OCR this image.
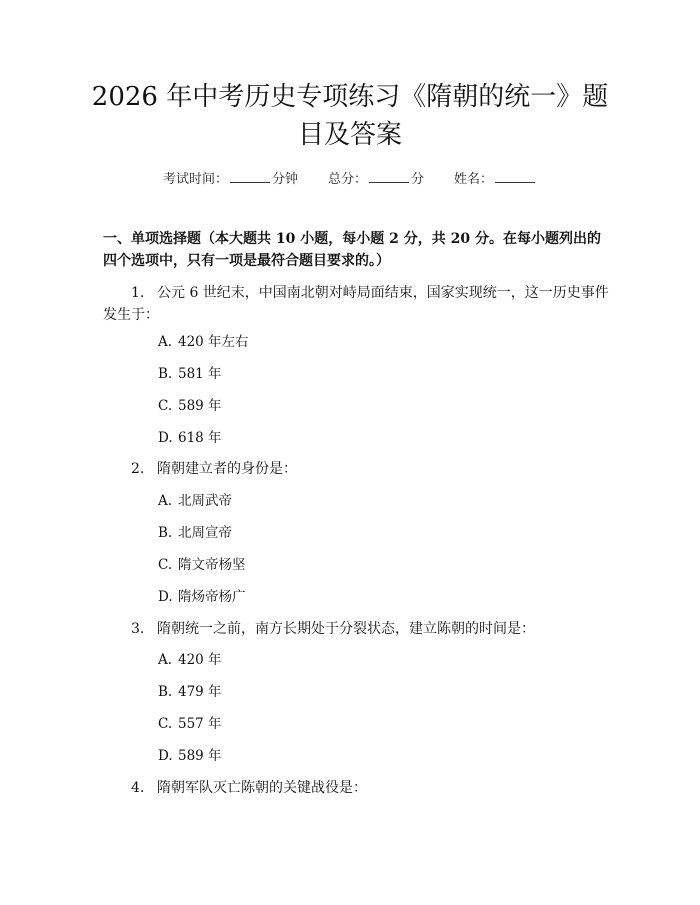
2026 年中考历史专项练习《隋朝的统一》题
目及答案
考试时间：	分钟 总分：	分 姓名：

一、单项选择题（本大题共 10 小题，每小题 2 分，共 20 分。在每小题列出的四个选项中，只有一项是最符合题目要求的。）

1. 公元 6 世纪末，中国南北朝对峙局面结束，国家实现统一，这一历史事件
发生于：
A. 420 年左右
B. 581 年
C. 589 年
D. 618 年
2. 隋朝建立者的身份是：
A. 北周武帝
B. 北周宣帝
C. 隋文帝杨坚
D. 隋炀帝杨广
3. 隋朝统一之前，南方长期处于分裂状态，建立陈朝的时间是：
A. 420 年
B. 479 年
C. 557 年
D. 589 年
4. 隋朝军队灭亡陈朝的关键战役是：
